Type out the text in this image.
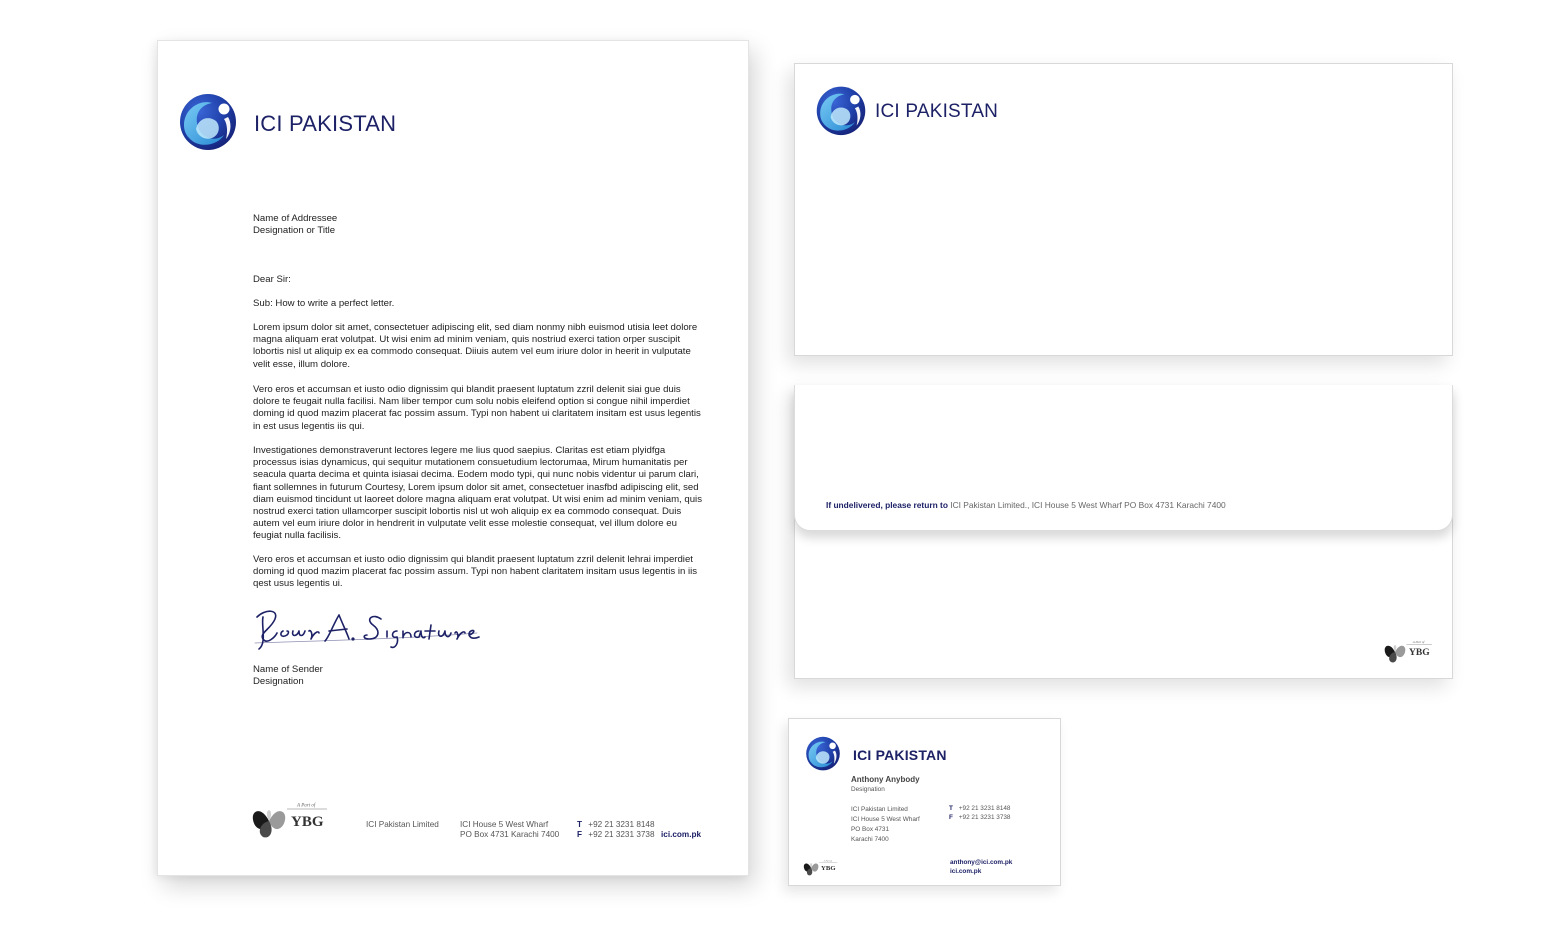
ICI PAKISTAN

Name of Addressee

Designation or Title

Dear Sir:
Sub: How to write a perfect letter.
Lorem ipsum dolor sit amet, consectetuer adipiscing elit, sed diam nonmy nibh euismod utisia leet dolore magna aliquam erat volutpat. Ut wisi enim ad minim veniam, quis nostriud exerci tation orper suscipit lobortis nisl ut aliquip ex ea commodo consequat. Diiuis autem vel eum iriure dolor in heerit in vulputate velit esse, illum dolore.
Vero eros et accumsan et iusto odio dignissim qui blandit praesent luptatum zzril delenit siai gue duis dolore te feugait nulla facilisi. Nam liber tempor cum solu nobis eleifend option si congue nihil imperdiet doming id quod mazim placerat fac possim assum. Typi non habent ui claritatem insitam est usus legentis in est usus legentis iis qui.
Investigationes demonstraverunt lectores legere me lius quod saepius. Claritas est etiam plyidfga processus isias dynamicus, qui sequitur mutationem consuetudium lectorumaa, Mirum humanitatis per seacula quarta decima et quinta isiasai decima. Eodem modo typi, qui nunc nobis videntur ui parum clari, fiant sollemnes in futurum Courtesy, Lorem ipsum dolor sit amet, consectetuer inasfbd adipiscing elit, sed diam euismod tincidunt ut laoreet dolore magna aliquam erat volutpat. Ut wisi enim ad minim veniam, quis nostrud exerci tation ullamcorper suscipit lobortis nisl ut woh aliquip ex ea commodo consequat. Duis autem vel eum iriure dolor in hendrerit in vulputate velit esse molestie consequat, vel illum dolore eu feugiat nulla facilisis.
Vero eros et accumsan et iusto odio dignissim qui blandit praesent luptatum zzril delenit lehrai imperdiet doming id quod mazim placerat fac possim assum. Typi non habent claritatem insitam usus legentis in iis qest usus legentis ui.

Name of Sender

Designation

A Part of
YBG	ICI Pakistan Limited	ICI House 5 West Wharf
PO Box 4731 Karachi 7400
T +92 21 3231 8148
F +92 21 3231 3738 ici.com.pk
ICI PAKISTAN
If undelivered, please return to ICI Pakistan Limited., ICI House 5 West Wharf PO Box 4731 Karachi 7400
A Part of
YBG
ICI PAKISTAN
Anthony Anybody
Designation
ICI Pakistan Limited
ICI House 5 West Wharf
PO Box 4731
Karachi 7400
T +92 21 3231 8148
F +92 21 3231 3738
anthony@ici.com.pk
ici.com.pk
A Part of
YBG
